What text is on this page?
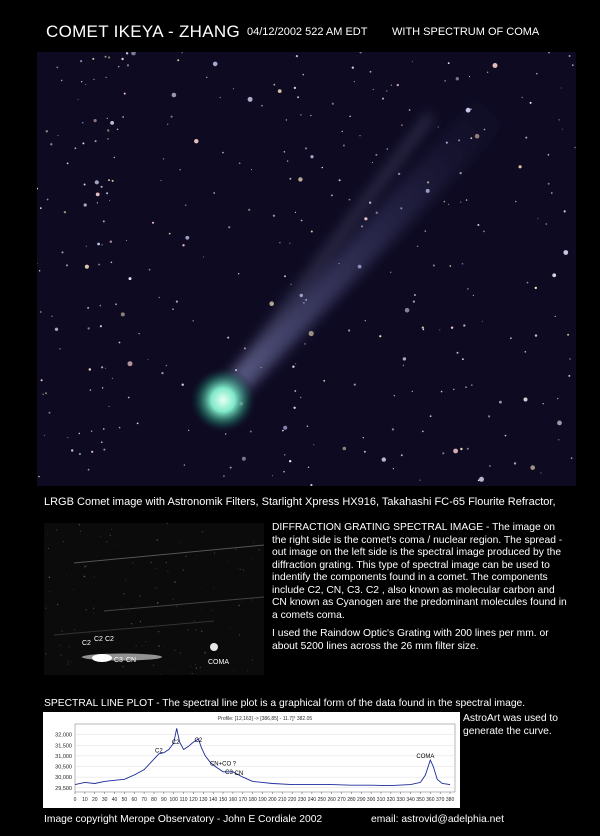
COMET IKEYA - ZHANG 04/12/2002 522 AM EDT WITH SPECTRUM OF COMA
LRGB Comet image with Astronomik Filters, Starlight Xpress HX916, Takahashi FC-65 Flourite Refractor,
C2
C2 C2
C3 CN	COMA

DIFFRACTION GRATING SPECTRAL IMAGE - The image on the right side is the comet's coma / nuclear region. The spread - out image on the left side is the spectral image produced by the diffraction grating. This type of spectral image can be used to indentify the components found in a comet. The components include C2, CN, C3. C2 , also known as molecular carbon and CN known as Cyanogen are the predominant molecules found in a comets coma.

I used the Raindow Optic's Grating with 200 lines per mm. or about 5200 lines across the 26 mm filter size.

SPECTRAL LINE PLOT - The spectral line plot is a graphical form of the data found in the spectral image.
Profile: [12,163] -> [386,85] - 11.7]° 382.05
29,500
30,000
30,500
31,000
31,500
32,000
0 10 20 30 40 50 60 70 80 90 100 110 120 130 140 150 160 170 180 190 200 210 220 230 240 250 260 270 280 290 300 310 320 330 340 350 360 370 380
C2
C2	C2
CN+CO ?
C3 CN
COMA
AstroArt was used to generate the curve.
Image copyright Merope Observatory - John E Cordiale 2002	email: astrovid@adelphia.net
